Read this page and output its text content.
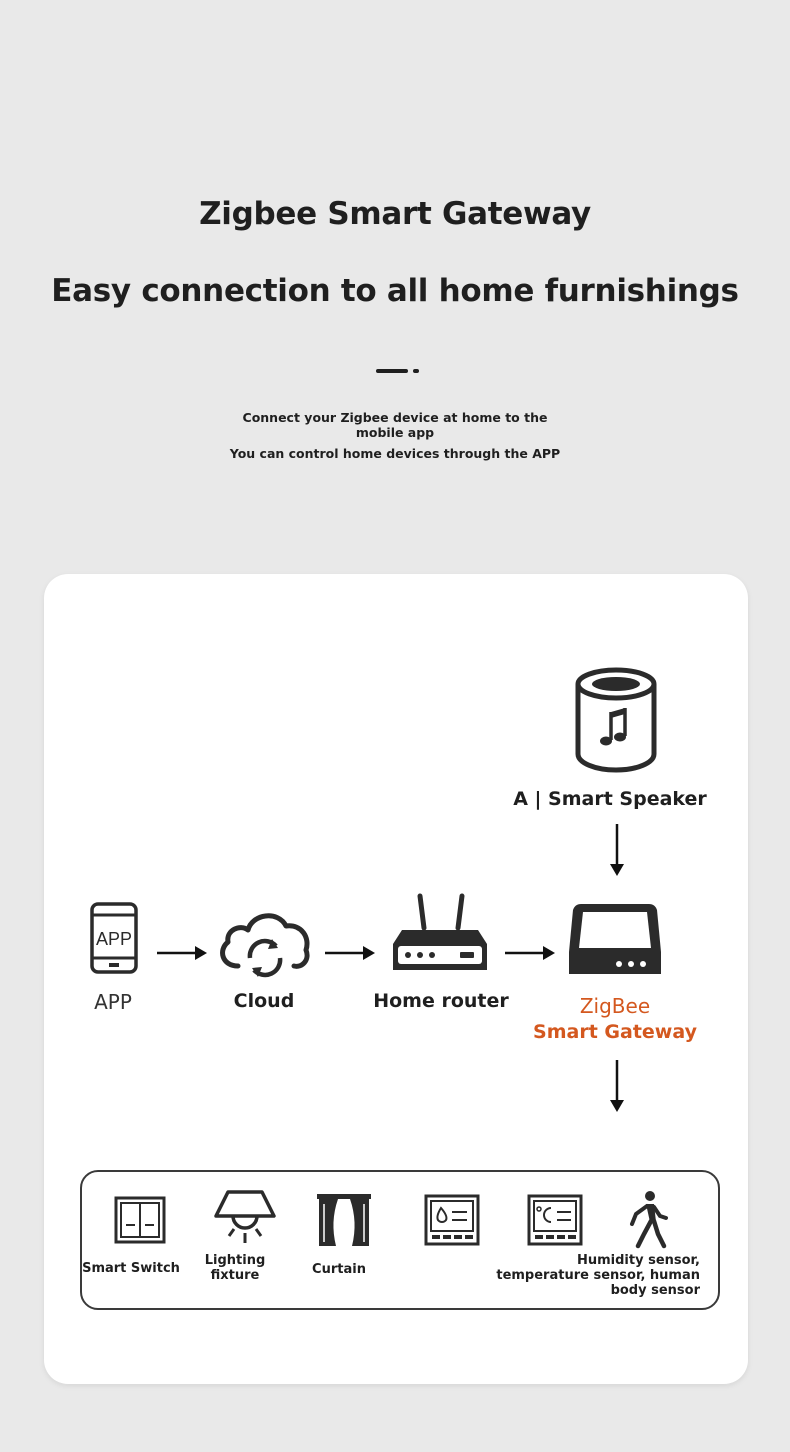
Zigbee Smart Gateway
Easy connection to all home furnishings
Connect your Zigbee device at home to the mobile app
You can control home devices through the APP
A | Smart Speaker
APP
APP	Cloud	Home router	ZigBee
Smart Gateway
Smart Switch
Lighting fixture	Curtain
Humidity sensor, temperature sensor, human body sensor
